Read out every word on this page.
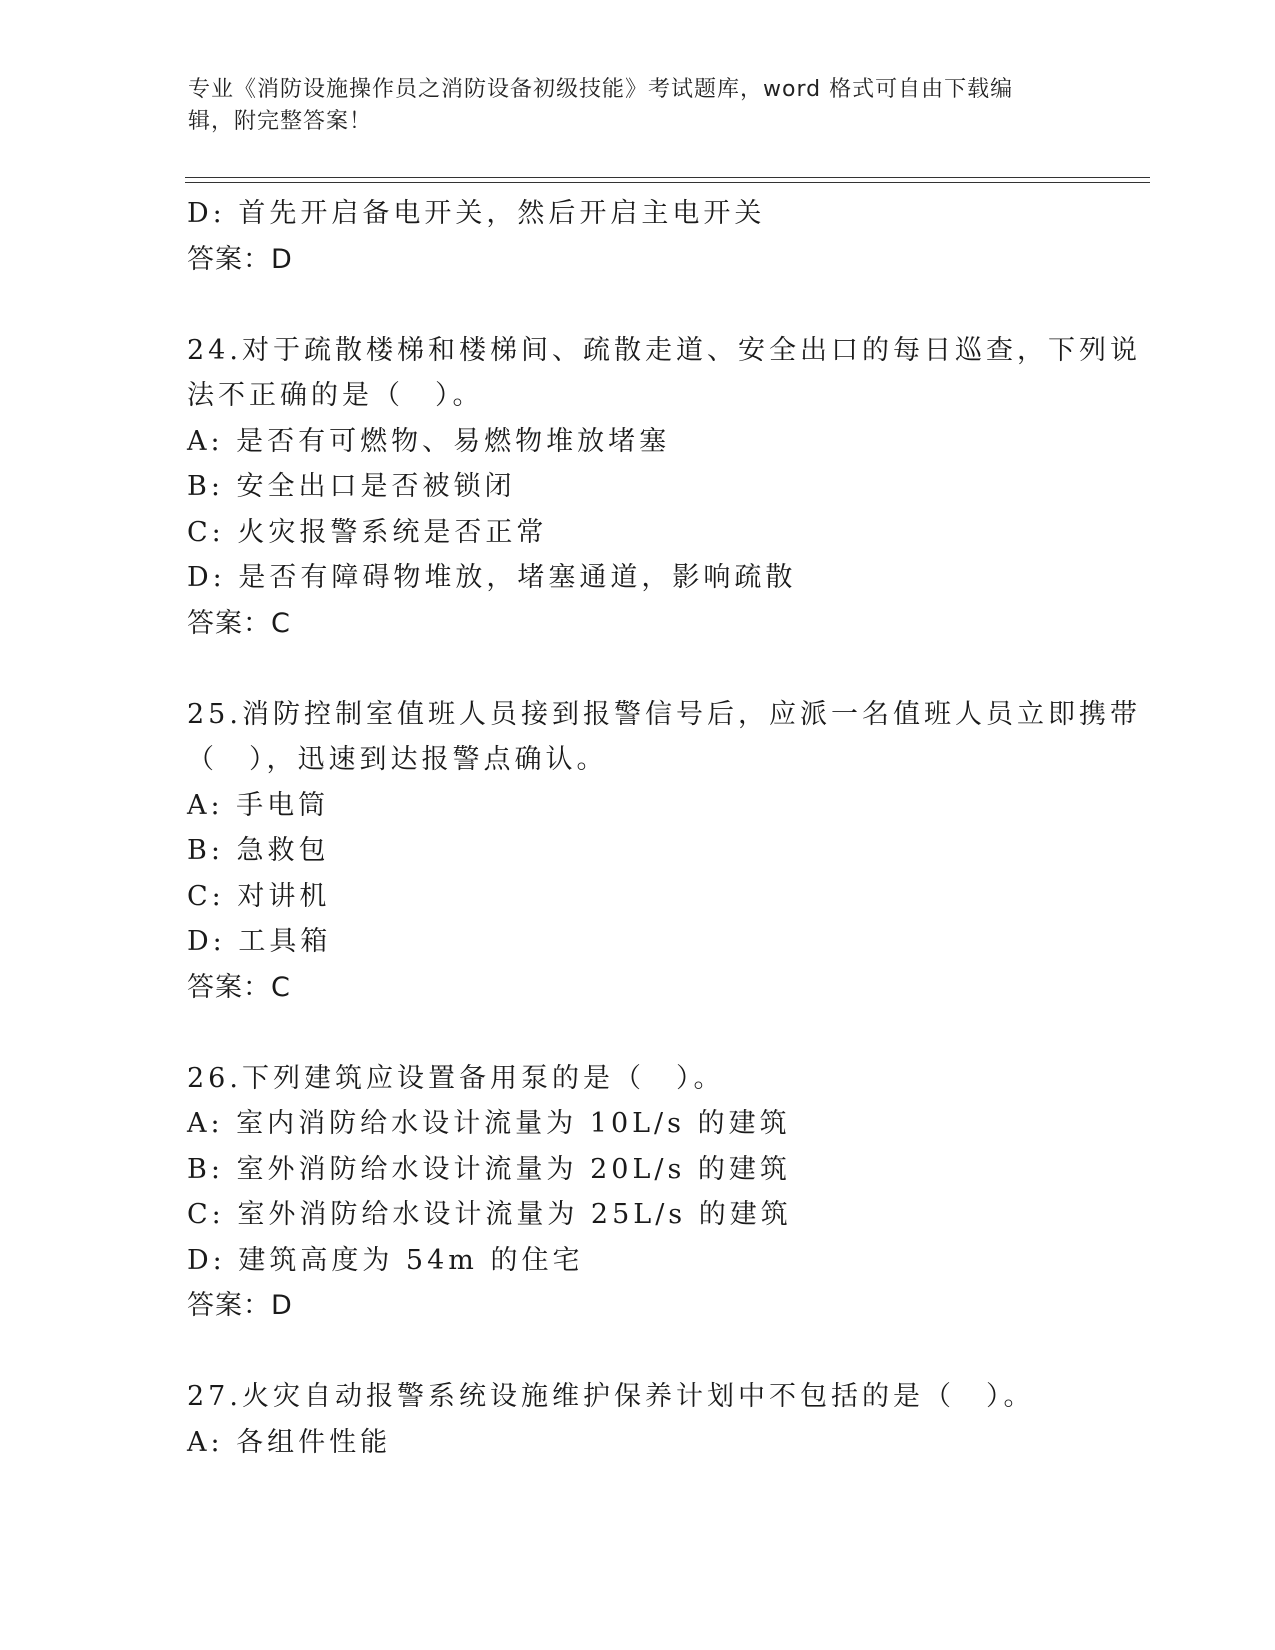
专业《消防设施操作员之消防设备初级技能》考试题库，word 格式可自由下载编
辑，附完整答案！
D: 首先开启备电开关，然后开启主电开关
答案：D
24.对于疏散楼梯和楼梯间、疏散走道、安全出口的每日巡查，下列说
法不正确的是（　）。
A: 是否有可燃物、易燃物堆放堵塞
B: 安全出口是否被锁闭
C: 火灾报警系统是否正常
D: 是否有障碍物堆放，堵塞通道，影响疏散
答案：C
25.消防控制室值班人员接到报警信号后，应派一名值班人员立即携带
（　），迅速到达报警点确认。
A: 手电筒
B: 急救包
C: 对讲机
D: 工具箱
答案：C
26.下列建筑应设置备用泵的是（　）。
A: 室内消防给水设计流量为 10L/s 的建筑
B: 室外消防给水设计流量为 20L/s 的建筑
C: 室外消防给水设计流量为 25L/s 的建筑
D: 建筑高度为 54m 的住宅
答案：D
27.火灾自动报警系统设施维护保养计划中不包括的是（　）。
A: 各组件性能
